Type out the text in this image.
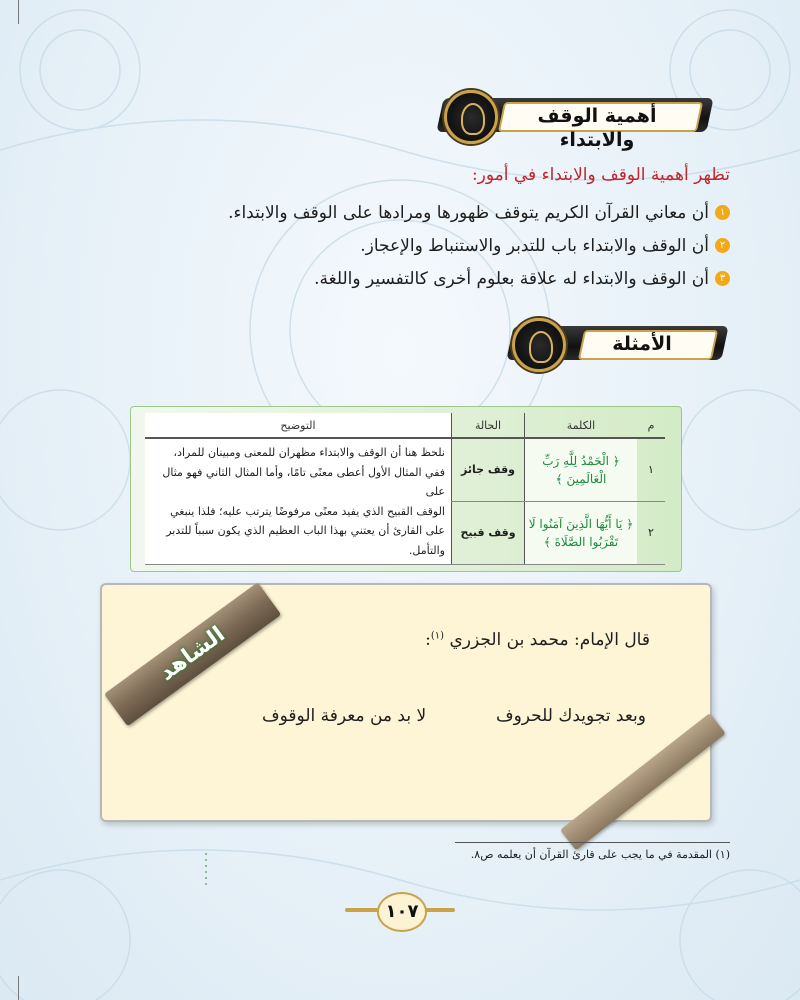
أهمية الوقف والابتداء
تظهر أهمية الوقف والابتداء في أمور:
١
أن معاني القرآن الكريم يتوقف ظهورها ومرادها على الوقف والابتداء.
٢
أن الوقف والابتداء باب للتدبر والاستنباط والإعجاز.
٣
أن الوقف والابتداء له علاقة بعلوم أخرى كالتفسير واللغة.
الأمثلة
م	الكلمة	الحالة	التوضيح
١	﴿ الْحَمْدُ لِلَّهِ رَبِّ الْعَالَمِينَ ﴾	وقف جائز	نلحظ هنا أن الوقف والابتداء مظهران للمعنى ومبينان للمراد،
ففي المثال الأول أعطى معنًى تامًا، وأما المثال الثاني فهو مثال على
الوقف القبيح الذي يفيد معنًى مرفوضًا يترتب عليه؛ فلذا ينبغي
على القارئ أن يعتني بهذا الباب العظيم الذي يكون سبباً للتدبر
والتأمل.

٢	﴿ يَا أَيُّهَا الَّذِينَ آمَنُوا لَا تَقْرَبُوا الصَّلَاةَ ﴾	وقف قبيح	
الشاهد	قال الإمام: محمد بن الجزري $^{(١)}$:
وبعد تجويدك للحروف
لا بد من معرفة الوقوف
(١) المقدمة في ما يجب على قارئ القرآن أن يعلمه ص٨.
١٠٧
